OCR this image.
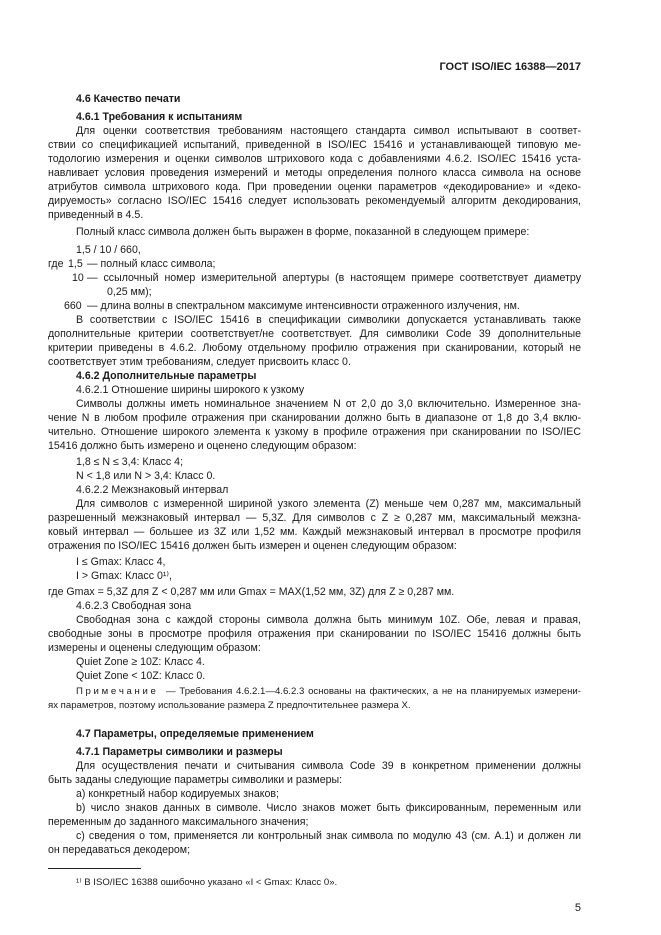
ГОСТ ISO/IEC 16388—2017
4.6 Качество печати
4.6.1 Требования к испытаниям
Для оценки соответствия требованиям настоящего стандарта символ испытывают в соответ-
ствии со спецификацией испытаний, приведенной в ISO/IEC 15416 и устанавливающей типовую ме-
тодологию измерения и оценки символов штрихового кода с добавлениями 4.6.2. ISO/IEC 15416 уста-
навливает условия проведения измерений и методы определения полного класса символа на основе
атрибутов символа штрихового кода. При проведении оценки параметров «декодирование» и «деко-
дируемость» согласно ISO/IEC 15416 следует использовать рекомендуемый алгоритм декодирования,
приведенный в 4.5.
Полный класс символа должен быть выражен в форме, показанной в следующем примере:
1,5 / 10 / 660,
где 1,5 — полный класс символа;
10 — ссылочный номер измерительной апертуры (в настоящем примере соответствует диаметру
0,25 мм);
660 — длина волны в спектральном максимуме интенсивности отраженного излучения, нм.
В соответствии с ISO/IEC 15416 в спецификации символики допускается устанавливать также
дополнительные критерии соответствует/не соответствует. Для символики Code 39 дополнительные
критерии приведены в 4.6.2. Любому отдельному профилю отражения при сканировании, который не
соответствует этим требованиям, следует присвоить класс 0.
4.6.2 Дополнительные параметры
4.6.2.1 Отношение ширины широкого к узкому
Символы должны иметь номинальное значением N от 2,0 до 3,0 включительно. Измеренное зна-
чение N в любом профиле отражения при сканировании должно быть в диапазоне от 1,8 до 3,4 вклю-
чительно. Отношение широкого элемента к узкому в профиле отражения при сканировании по ISO/IEC
15416 должно быть измерено и оценено следующим образом:
1,8 ≤ N ≤ 3,4: Класс 4;
N < 1,8 или N > 3,4: Класс 0.
4.6.2.2 Межзнаковый интервал
Для символов с измеренной шириной узкого элемента (Z) меньше чем 0,287 мм, максимальный
разрешенный межзнаковый интервал — 5,3Z. Для символов с Z ≥ 0,287 мм, максимальный межзна-
ковый интервал — большее из 3Z или 1,52 мм. Каждый межзнаковый интервал в просмотре профиля
отражения по ISO/IEC 15416 должен быть измерен и оценен следующим образом:
I ≤ Gmax: Класс 4,
I > Gmax: Класс 0¹⁾,
где Gmax = 5,3Z для Z < 0,287 мм или Gmax = MAX(1,52 мм, 3Z) для Z ≥ 0,287 мм.
4.6.2.3 Свободная зона
Свободная зона с каждой стороны символа должна быть минимум 10Z. Обе, левая и правая,
свободные зоны в просмотре профиля отражения при сканировании по ISO/IEC 15416 должны быть
измерены и оценены следующим образом:
Quiet Zone ≥ 10Z: Класс 4.
Quiet Zone < 10Z: Класс 0.
П р и м е ч а н и е	— Требования 4.6.2.1—4.6.2.3 основаны на фактических, а не на планируемых измерени-
ях параметров, поэтому использование размера Z предпочтительнее размера X.
4.7 Параметры, определяемые применением
4.7.1 Параметры символики и размеры
Для осуществления печати и считывания символа Code 39 в конкретном применении должны
быть заданы следующие параметры символики и размеры:
а) конкретный набор кодируемых знаков;
b) число знаков данных в символе. Число знаков может быть фиксированным, переменным или
переменным до заданного максимального значения;
с) сведения о том, применяется ли контрольный знак символа по модулю 43 (см. А.1) и должен ли
он передаваться декодером;
¹⁾ В ISO/IEC 16388 ошибочно указано «I < Gmax: Класс 0».
5
